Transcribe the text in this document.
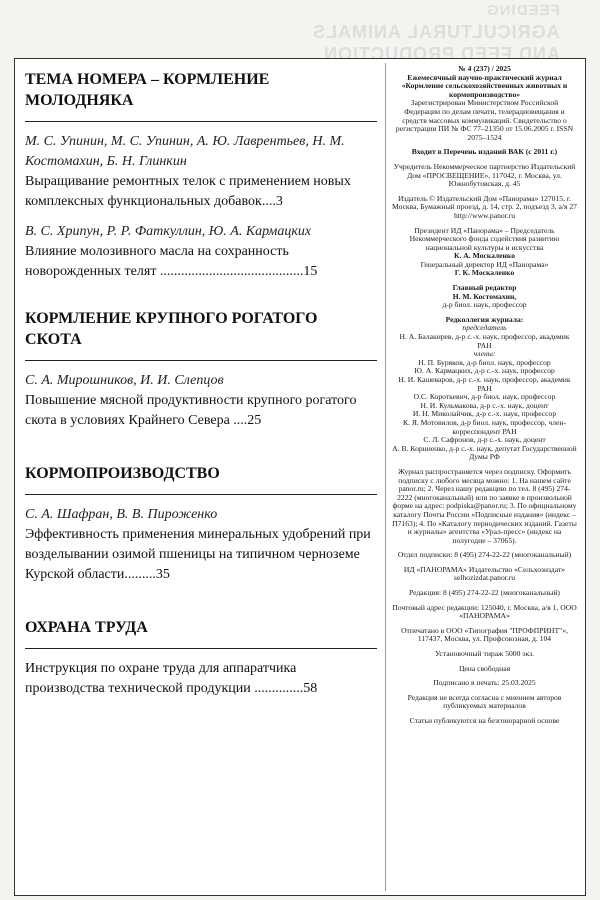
FEEDING
AGRICULTURAL ANIMALS
AND FEED PRODUCTION
ТЕМА НОМЕРА – КОРМЛЕНИЕ МОЛОДНЯКА
М. С. Упинин, М. С. Упинин, А. Ю. Лаврентьев, Н. М. Костомахин, Б. Н. Глинкин
Выращивание ремонтных телок с применением новых комплексных функциональных добавок....3
В. С. Хрипун, Р. Р. Фаткуллин, Ю. А. Кармацких
Влияние молозивного масла на сохранность новорожденных телят .........................................15
КОРМЛЕНИЕ КРУПНОГО РОГАТОГО СКОТА
С. А. Мирошников, И. И. Слепцов
Повышение мясной продуктивности крупного рогатого скота в условиях Крайнего Севера ....25
КОРМОПРОИЗВОДСТВО
С. А. Шафран, В. В. Пироженко
Эффективность применения минеральных удобрений при возделывании озимой пшеницы на типичном черноземе Курской области.........35
ОХРАНА ТРУДА
Инструкция по охране труда для аппаратчика производства технической продукции ..............58
№ 4 (237) / 2025
Ежемесячный научно-практический журнал
«Кормление сельскохозяйственных животных и кормопроизводство»
Зарегистрирован Министерством Российской Федерации по делам печати, телерадиовещания и средств массовых коммуникаций. Свидетельство о регистрации ПИ № ФС 77–21350 от 15.06.2005 г. ISSN 2075–1524
Входит в Перечень изданий ВАК (с 2011 г.)
Учредитель Некоммерческое партнерство Издательский Дом «ПРОСВЕЩЕНИЕ», 117042, г. Москва, ул. Южнобутовская, д. 45
Издатель © Издательский Дом «Панорама» 127015, г. Москва, Бумажный проезд, д. 14, стр. 2, подъезд 3, а/я 27 http://www.panor.ru
Президент ИД «Панорама» – Председатель Некоммерческого фонда содействия развитию национальной культуры и искусства
К. А. Москаленко
Генеральный директор ИД «Панорама»
Г. К. Москаленко
Главный редактор
Н. М. Костомахин,
д-р биол. наук, профессор
Редколлегия журнала:
председатель
Н. А. Балакирев, д-р с.-х. наук, профессор, академик РАН
члены:
Н. П. Буряков, д-р биол. наук, профессор
Ю. А. Кармацких, д-р с.-х. наук, профессор
Н. И. Кашеваров, д-р с.-х. наук, профессор, академик РАН
О.С. Короткевич, д-р биол. наук, профессор
Н. И. Кульмакова, д-р с.-х. наук, доцент
И. Н. Миколайчик, д-р с.-х. наук, профессор
К. Я. Мотовилов, д-р биол. наук, профессор, член-корреспондент РАН
С. Л. Сафронов, д-р с.-х. наук, доцент
А. В. Корниенко, д-р с.-х. наук, депутат Государственной Думы РФ
Журнал распространяется через подписку. Оформить подписку с любого месяца можно: 1. На нашем сайте panor.ru; 2. Через нашу редакцию по тел. 8 (495) 274-2222 (многоканальный) или по заявке в произвольной форме на адрес: podpiska@panor.ru; 3. По официальному каталогу Почты России «Подписные издания» (индекс – П7163); 4. По «Каталогу периодических изданий. Газеты и журналы» агентства «Урал-пресс» (индекс на полугодие – 37065).
Отдел подписки: 8 (495) 274-22-22 (многоканальный)
ИД «ПАНОРАМА» Издательство «Сельхозиздат» selhozizdat.panor.ru
Редакция: 8 (495) 274-22-22 (многоканальный)
Почтовый адрес редакции: 125040, г. Москва, а/я 1, ООО «ПАНОРАМА»
Отпечатано в ООО «Типография "ПРОФПРИНТ"», 117437, Москва, ул. Профсоюзная, д. 104
Установочный тираж 5000 экз.
Цена свободная
Подписано в печать: 25.03.2025
Редакция не всегда согласна с мнением авторов публикуемых материалов
Статьи публикуются на безгонорарной основе
